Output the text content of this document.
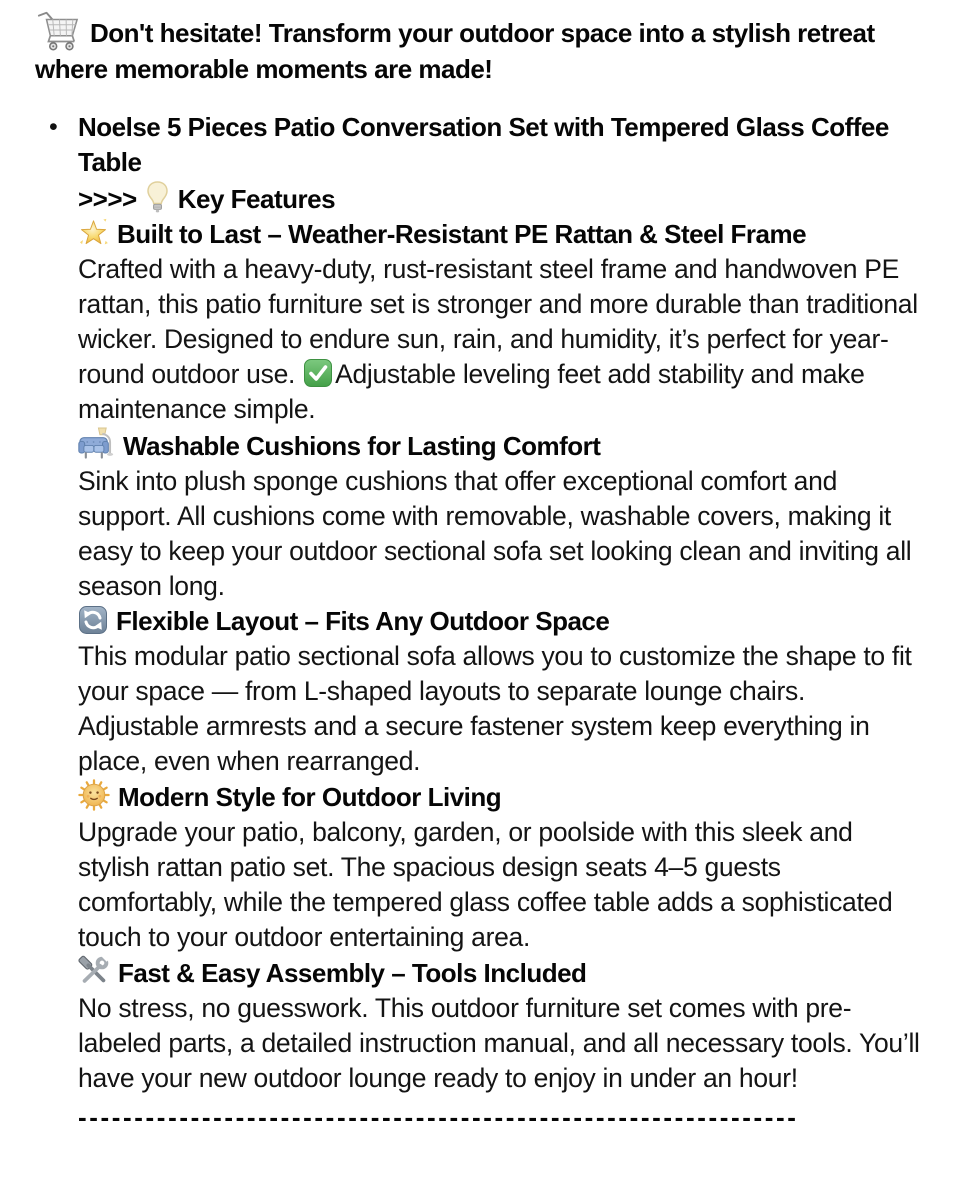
Don't hesitate! Transform your outdoor space into a stylish retreat where memorable moments are made!

• Noelse 5 Pieces Patio Conversation Set with Tempered Glass Coffee Table

>>>> Key Features

Built to Last – Weather-Resistant PE Rattan & Steel Frame

Crafted with a heavy-duty, rust-resistant steel frame and handwoven PE rattan, this patio furniture set is stronger and more durable than traditional wicker. Designed to endure sun, rain, and humidity, it’s perfect for year-round outdoor use. Adjustable leveling feet add stability and make maintenance simple.

Washable Cushions for Lasting Comfort

Sink into plush sponge cushions that offer exceptional comfort and support. All cushions come with removable, washable covers, making it easy to keep your outdoor sectional sofa set looking clean and inviting all season long.

Flexible Layout – Fits Any Outdoor Space

This modular patio sectional sofa allows you to customize the shape to fit your space — from L-shaped layouts to separate lounge chairs. Adjustable armrests and a secure fastener system keep everything in place, even when rearranged.

Modern Style for Outdoor Living

Upgrade your patio, balcony, garden, or poolside with this sleek and stylish rattan patio set. The spacious design seats 4–5 guests comfortably, while the tempered glass coffee table adds a sophisticated touch to your outdoor entertaining area.

Fast & Easy Assembly – Tools Included

No stress, no guesswork. This outdoor furniture set comes with pre-labeled parts, a detailed instruction manual, and all necessary tools. You’ll have your new outdoor lounge ready to enjoy in under an hour!

----------------------------------------------------------------
